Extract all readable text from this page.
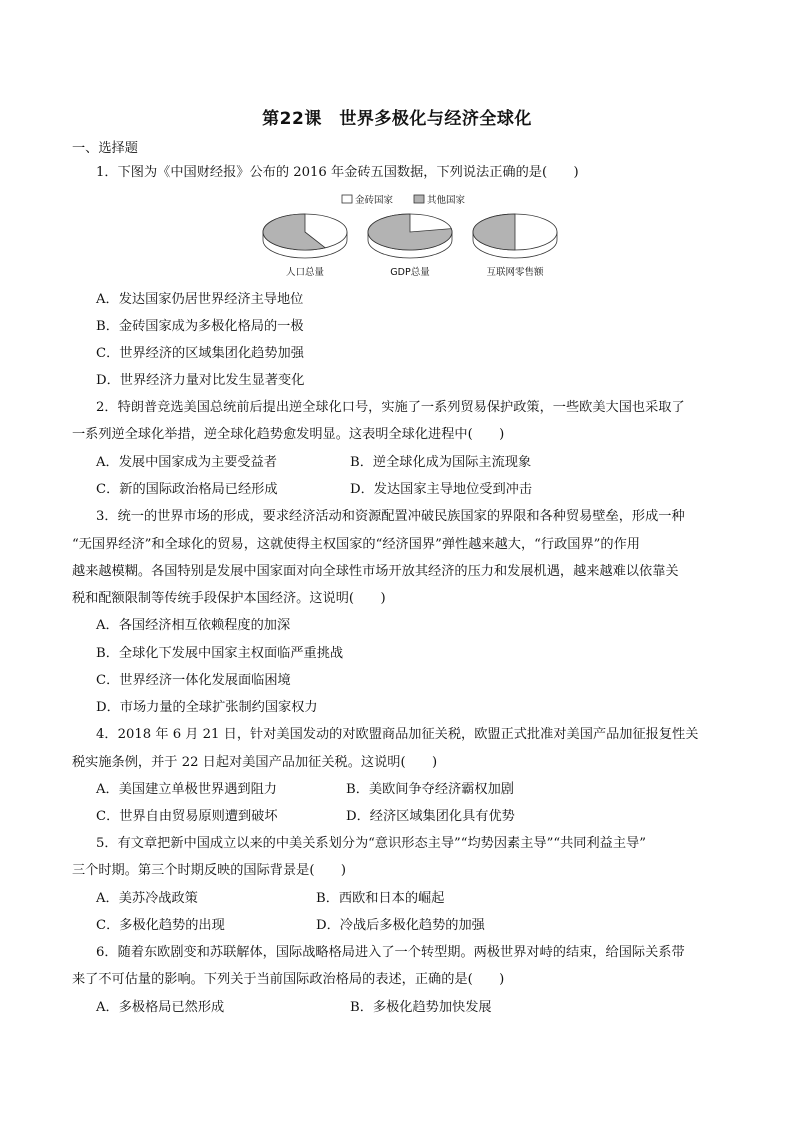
第22课　世界多极化与经济全球化
一、选择题
1．下图为《中国财经报》公布的 2016 年金砖五国数据，下列说法正确的是(　　)
金砖国家	其他国家
人口总量	GDP总量	互联网零售额
A．发达国家仍居世界经济主导地位
B．金砖国家成为多极化格局的一极
C．世界经济的区域集团化趋势加强
D．世界经济力量对比发生显著变化
2．特朗普竞选美国总统前后提出逆全球化口号，实施了一系列贸易保护政策，一些欧美大国也采取了
一系列逆全球化举措，逆全球化趋势愈发明显。这表明全球化进程中(　　)
A．发展中国家成为主要受益者	B．逆全球化成为国际主流现象
C．新的国际政治格局已经形成	D．发达国家主导地位受到冲击
3．统一的世界市场的形成，要求经济活动和资源配置冲破民族国家的界限和各种贸易壁垒，形成一种
“无国界经济”和全球化的贸易，这就使得主权国家的“经济国界”弹性越来越大，“行政国界”的作用
越来越模糊。各国特别是发展中国家面对向全球性市场开放其经济的压力和发展机遇，越来越难以依靠关
税和配额限制等传统手段保护本国经济。这说明(　　)
A．各国经济相互依赖程度的加深
B．全球化下发展中国家主权面临严重挑战
C．世界经济一体化发展面临困境
D．市场力量的全球扩张制约国家权力
4．2018 年 6 月 21 日，针对美国发动的对欧盟商品加征关税，欧盟正式批准对美国产品加征报复性关
税实施条例，并于 22 日起对美国产品加征关税。这说明(　　)
A．美国建立单极世界遇到阻力	B．美欧间争夺经济霸权加剧
C．世界自由贸易原则遭到破坏	D．经济区域集团化具有优势
5．有文章把新中国成立以来的中美关系划分为“意识形态主导”“均势因素主导”“共同利益主导”
三个时期。第三个时期反映的国际背景是(　　)
A．美苏冷战政策	B．西欧和日本的崛起
C．多极化趋势的出现	D．冷战后多极化趋势的加强
6．随着东欧剧变和苏联解体，国际战略格局进入了一个转型期。两极世界对峙的结束，给国际关系带
来了不可估量的影响。下列关于当前国际政治格局的表述，正确的是(　　)
A．多极格局已然形成	B．多极化趋势加快发展
